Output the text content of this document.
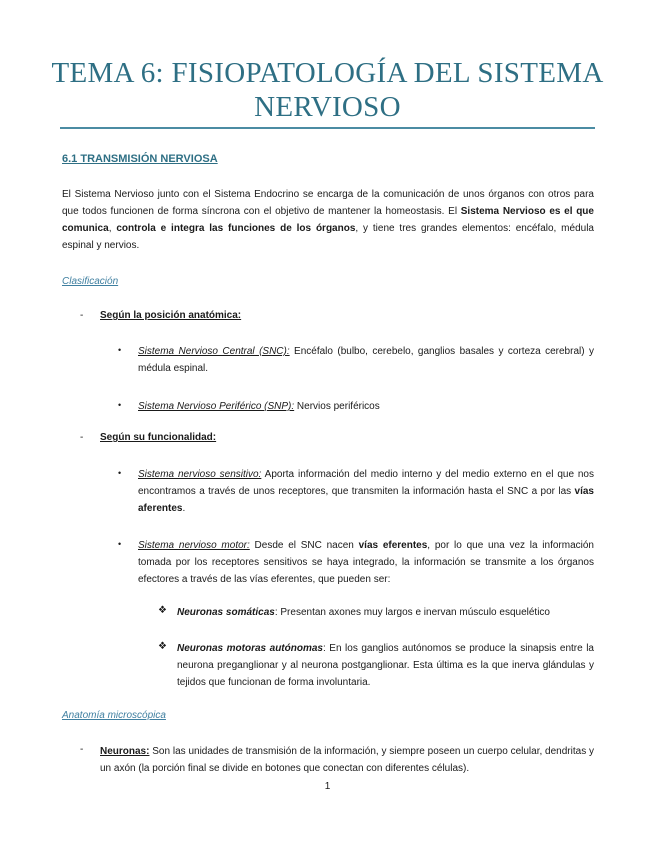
TEMA 6: FISIOPATOLOGÍA DEL SISTEMA
NERVIOSO
6.1 TRANSMISIÓN NERVIOSA
El Sistema Nervioso junto con el Sistema Endocrino se encarga de la comunicación de unos órganos con otros para que todos funcionen de forma síncrona con el objetivo de mantener la homeostasis. El Sistema Nervioso es el que comunica, controla e integra las funciones de los órganos, y tiene tres grandes elementos: encéfalo, médula espinal y nervios.
Clasificación
- Según la posición anatómica:
• Sistema Nervioso Central (SNC): Encéfalo (bulbo, cerebelo, ganglios basales y corteza cerebral) y médula espinal.
• Sistema Nervioso Periférico (SNP): Nervios periféricos
- Según su funcionalidad:
• Sistema nervioso sensitivo: Aporta información del medio interno y del medio externo en el que nos encontramos a través de unos receptores, que transmiten la información hasta el SNC a por las vías aferentes.
• Sistema nervioso motor: Desde el SNC nacen vías eferentes, por lo que una vez la información tomada por los receptores sensitivos se haya integrado, la información se transmite a los órganos efectores a través de las vías eferentes, que pueden ser:
❖ Neuronas somáticas: Presentan axones muy largos e inervan músculo esquelético
❖ Neuronas motoras autónomas: En los ganglios autónomos se produce la sinapsis entre la neurona preganglionar y al neurona postganglionar. Esta última es la que inerva glándulas y tejidos que funcionan de forma involuntaria.
Anatomía microscópica
- Neuronas: Son las unidades de transmisión de la información, y siempre poseen un cuerpo celular, dendritas y un axón (la porción final se divide en botones que conectan con diferentes células).
1
